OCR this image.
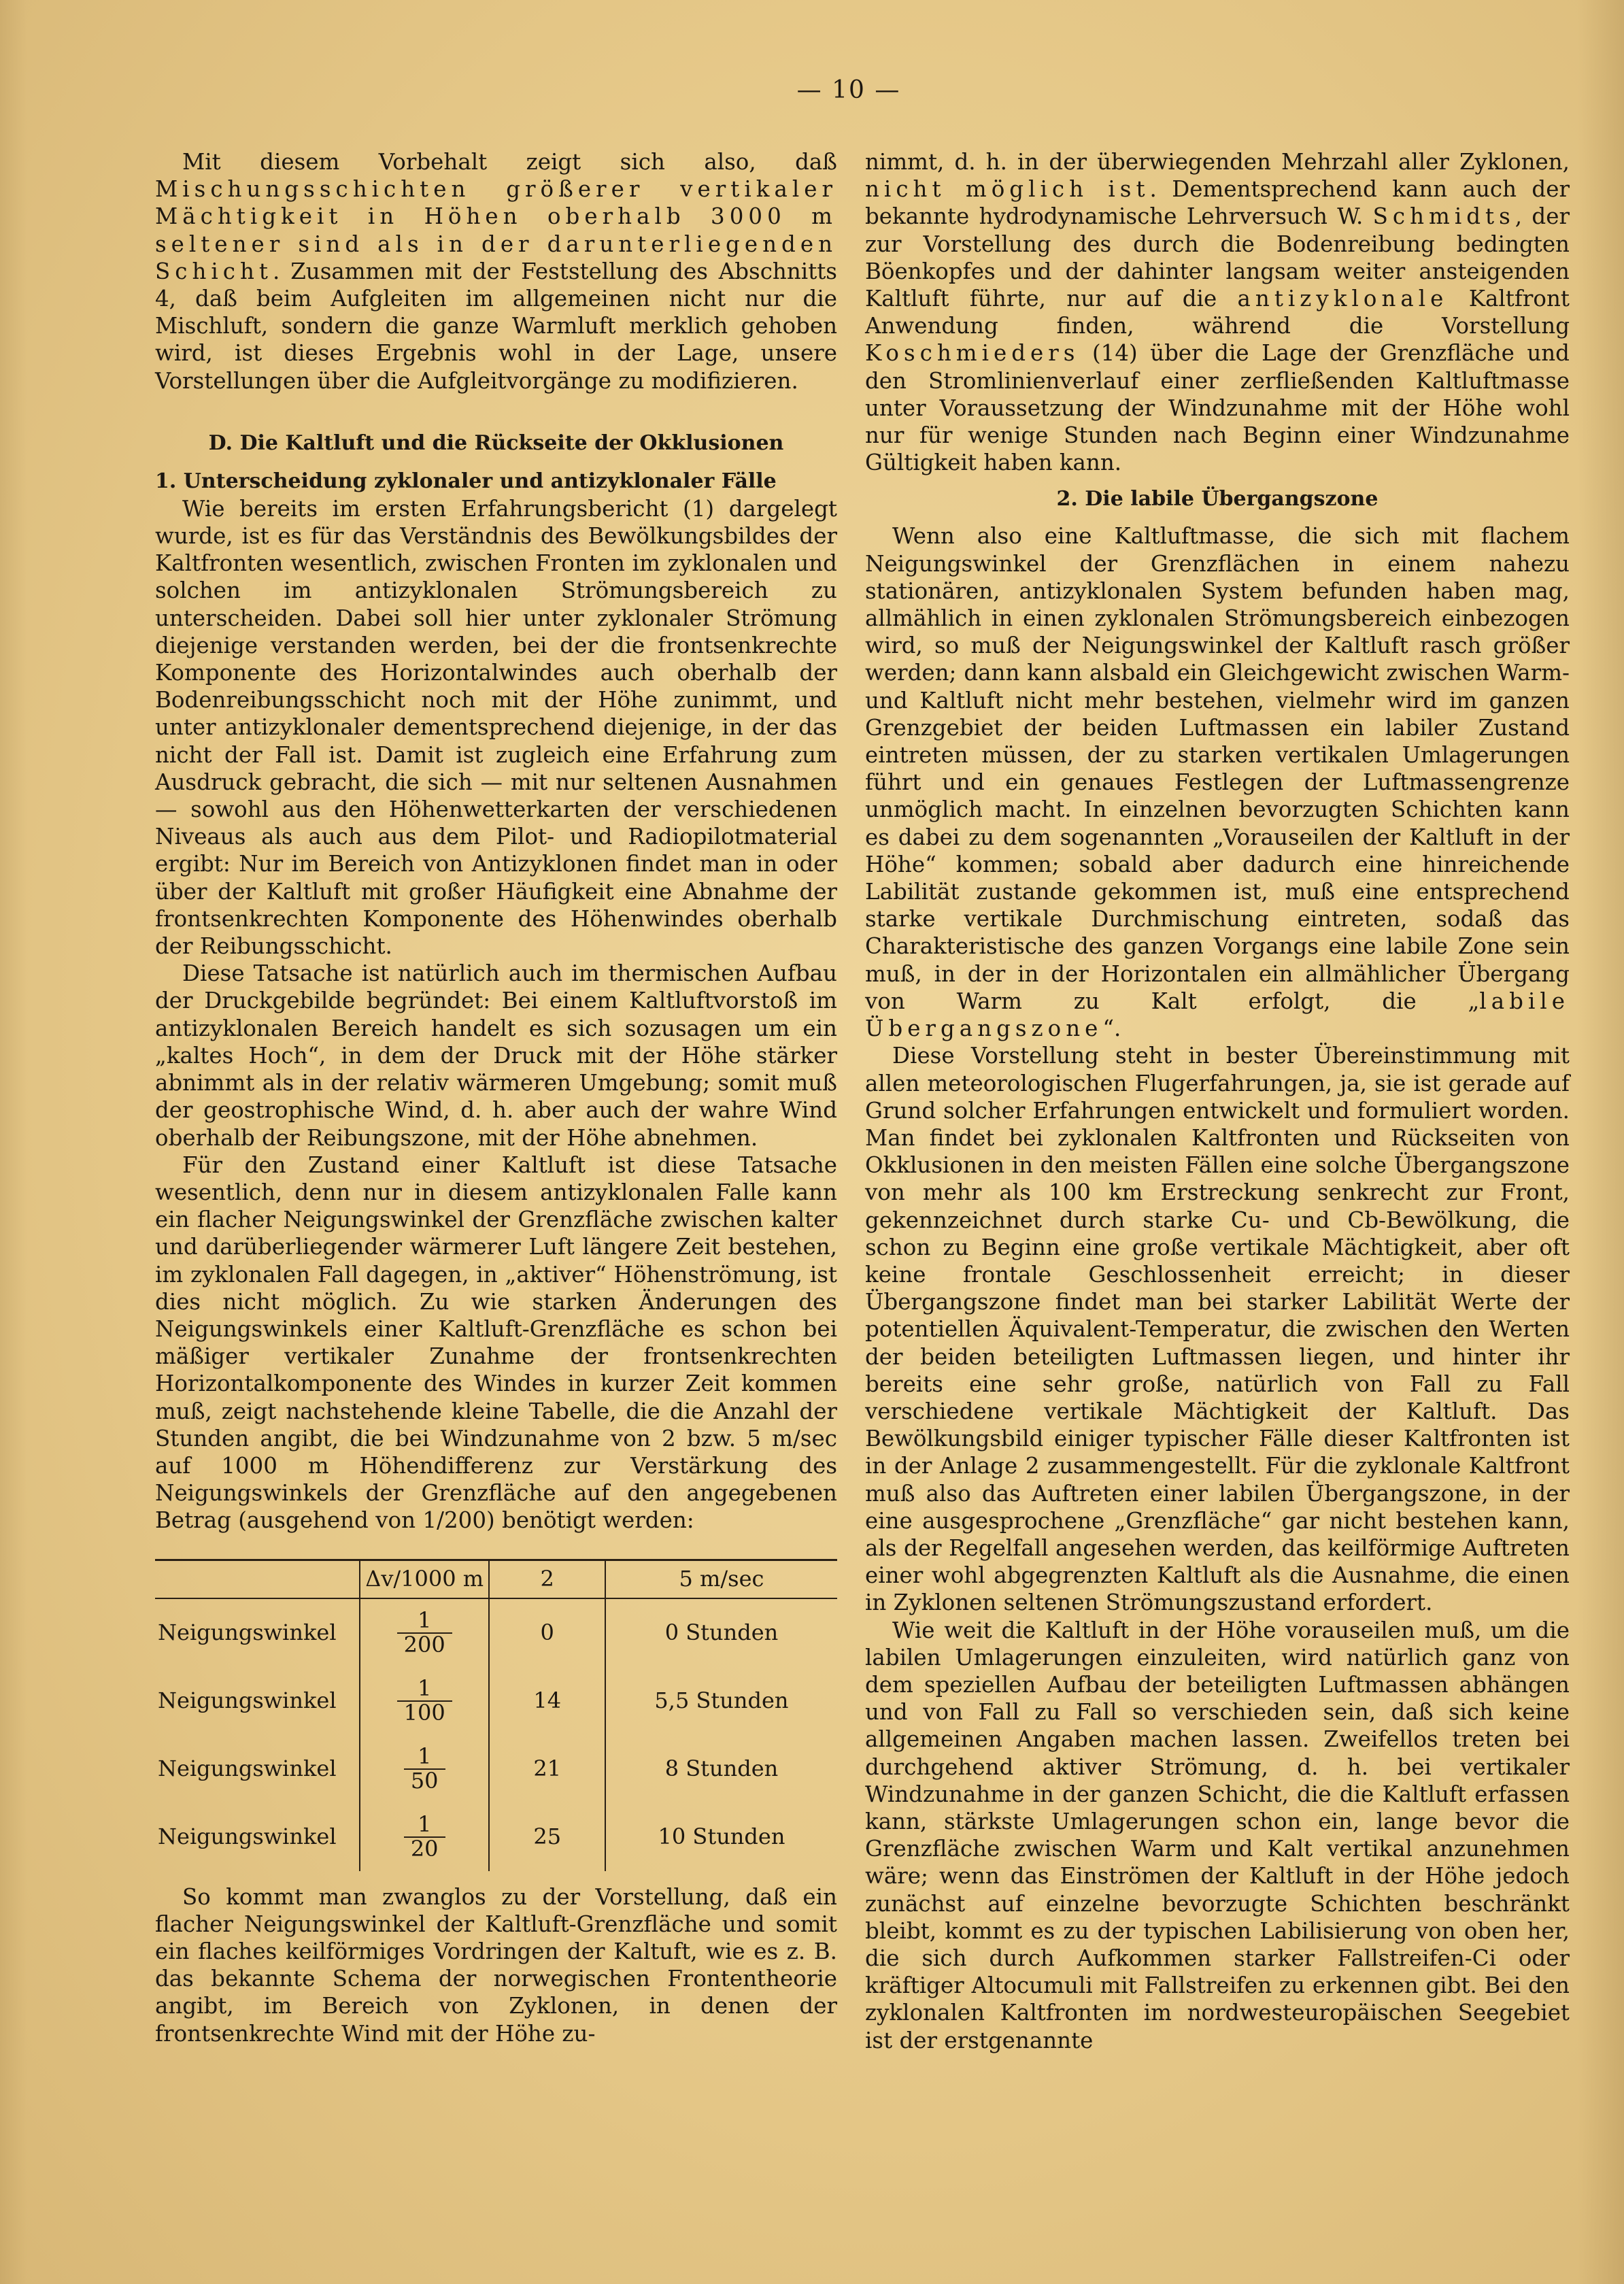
— 10 —

Mit diesem Vorbehalt zeigt sich also, daß Mischungsschichten größerer vertikaler Mächtigkeit in Höhen oberhalb 3000 m seltener sind als in der darunterliegenden Schicht. Zusammen mit der Feststellung des Abschnitts 4, daß beim Aufgleiten im allgemeinen nicht nur die Mischluft, sondern die ganze Warmluft merklich gehoben wird, ist dieses Ergebnis wohl in der Lage, unsere Vorstellungen über die Aufgleitvorgänge zu modifizieren.

D. Die Kaltluft und die Rückseite der Okklusionen
1. Unterscheidung zyklonaler und antizyklonaler Fälle

Wie bereits im ersten Erfahrungsbericht (1) dargelegt wurde, ist es für das Verständnis des Bewölkungsbildes der Kaltfronten wesentlich, zwischen Fronten im zyklonalen und solchen im antizyklonalen Strömungsbereich zu unterscheiden. Dabei soll hier unter zyklonaler Strömung diejenige verstanden werden, bei der die frontsenkrechte Komponente des Horizontalwindes auch oberhalb der Bodenreibungsschicht noch mit der Höhe zunimmt, und unter antizyklonaler dementsprechend diejenige, in der das nicht der Fall ist. Damit ist zugleich eine Erfahrung zum Ausdruck gebracht, die sich — mit nur seltenen Ausnahmen — sowohl aus den Höhenwetterkarten der verschiedenen Niveaus als auch aus dem Pilot- und Radiopilotmaterial ergibt: Nur im Bereich von Antizyklonen findet man in oder über der Kaltluft mit großer Häufigkeit eine Abnahme der frontsenkrechten Komponente des Höhenwindes oberhalb der Reibungsschicht.

Diese Tatsache ist natürlich auch im thermischen Aufbau der Druckgebilde begründet: Bei einem Kaltluftvorstoß im antizyklonalen Bereich handelt es sich sozusagen um ein „kaltes Hoch“, in dem der Druck mit der Höhe stärker abnimmt als in der relativ wärmeren Umgebung; somit muß der geostrophische Wind, d. h. aber auch der wahre Wind oberhalb der Reibungszone, mit der Höhe abnehmen.

Für den Zustand einer Kaltluft ist diese Tatsache wesentlich, denn nur in diesem antizyklonalen Falle kann ein flacher Neigungswinkel der Grenzfläche zwischen kalter und darüberliegender wärmerer Luft längere Zeit bestehen, im zyklonalen Fall dagegen, in „aktiver“ Höhenströmung, ist dies nicht möglich. Zu wie starken Änderungen des Neigungswinkels einer Kaltluft-Grenzfläche es schon bei mäßiger vertikaler Zunahme der frontsenkrechten Horizontalkomponente des Windes in kurzer Zeit kommen muß, zeigt nachstehende kleine Tabelle, die die Anzahl der Stunden angibt, die bei Windzunahme von 2 bzw. 5 m/sec auf 1000 m Höhendifferenz zur Verstärkung des Neigungswinkels der Grenzfläche auf den angegebenen Betrag (ausgehend von 1/200) benötigt werden:

	Δv/1000 m	2	5 m/sec
Neigungswinkel	$\frac{1}{200}$	0	0 Stunden
Neigungswinkel	$\frac{1}{100}$	14	5,5 Stunden
Neigungswinkel	$\frac{1}{50}$	21	8 Stunden
Neigungswinkel	$\frac{1}{20}$	25	10 Stunden

So kommt man zwanglos zu der Vorstellung, daß ein flacher Neigungswinkel der Kaltluft-Grenzfläche und somit ein flaches keilförmiges Vordringen der Kaltuft, wie es z. B. das bekannte Schema der norwegischen Frontentheorie angibt, im Bereich von Zyklonen, in denen der frontsenkrechte Wind mit der Höhe zu-

nimmt, d. h. in der überwiegenden Mehrzahl aller Zyklonen, nicht möglich ist. Dementsprechend kann auch der bekannte hydrodynamische Lehrversuch W. Schmidts, der zur Vorstellung des durch die Bodenreibung bedingten Böenkopfes und der dahinter langsam weiter ansteigenden Kaltluft führte, nur auf die antizyklonale Kaltfront Anwendung finden, während die Vorstellung Koschmieders (14) über die Lage der Grenzfläche und den Stromlinienverlauf einer zerfließenden Kaltluftmasse unter Voraussetzung der Windzunahme mit der Höhe wohl nur für wenige Stunden nach Beginn einer Windzunahme Gültigkeit haben kann.

2. Die labile Übergangszone

Wenn also eine Kaltluftmasse, die sich mit flachem Neigungswinkel der Grenzflächen in einem nahezu stationären, antizyklonalen System befunden haben mag, allmählich in einen zyklonalen Strömungsbereich einbezogen wird, so muß der Neigungswinkel der Kaltluft rasch größer werden; dann kann alsbald ein Gleichgewicht zwischen Warm- und Kaltluft nicht mehr bestehen, vielmehr wird im ganzen Grenzgebiet der beiden Luftmassen ein labiler Zustand eintreten müssen, der zu starken vertikalen Umlagerungen führt und ein genaues Festlegen der Luftmassengrenze unmöglich macht. In einzelnen bevorzugten Schichten kann es dabei zu dem sogenannten „Vorauseilen der Kaltluft in der Höhe“ kommen; sobald aber dadurch eine hinreichende Labilität zustande gekommen ist, muß eine entsprechend starke vertikale Durchmischung eintreten, sodaß das Charakteristische des ganzen Vorgangs eine labile Zone sein muß, in der in der Horizontalen ein allmählicher Übergang von Warm zu Kalt erfolgt, die „labile Übergangszone“.

Diese Vorstellung steht in bester Übereinstimmung mit allen meteorologischen Flugerfahrungen, ja, sie ist gerade auf Grund solcher Erfahrungen entwickelt und formuliert worden. Man findet bei zyklonalen Kaltfronten und Rückseiten von Okklusionen in den meisten Fällen eine solche Übergangszone von mehr als 100 km Erstreckung senkrecht zur Front, gekennzeichnet durch starke Cu- und Cb-Bewölkung, die schon zu Beginn eine große vertikale Mächtigkeit, aber oft keine frontale Geschlossenheit erreicht; in dieser Übergangszone findet man bei starker Labilität Werte der potentiellen Äquivalent-Temperatur, die zwischen den Werten der beiden beteiligten Luftmassen liegen, und hinter ihr bereits eine sehr große, natürlich von Fall zu Fall verschiedene vertikale Mächtigkeit der Kaltluft. Das Bewölkungsbild einiger typischer Fälle dieser Kaltfronten ist in der Anlage 2 zusammengestellt. Für die zyklonale Kaltfront muß also das Auftreten einer labilen Übergangszone, in der eine ausgesprochene „Grenzfläche“ gar nicht bestehen kann, als der Regelfall angesehen werden, das keilförmige Auftreten einer wohl abgegrenzten Kaltluft als die Ausnahme, die einen in Zyklonen seltenen Strömungszustand erfordert.

Wie weit die Kaltluft in der Höhe vorauseilen muß, um die labilen Umlagerungen einzuleiten, wird natürlich ganz von dem speziellen Aufbau der beteiligten Luftmassen abhängen und von Fall zu Fall so verschieden sein, daß sich keine allgemeinen Angaben machen lassen. Zweifellos treten bei durchgehend aktiver Strömung, d. h. bei vertikaler Windzunahme in der ganzen Schicht, die die Kaltluft erfassen kann, stärkste Umlagerungen schon ein, lange bevor die Grenzfläche zwischen Warm und Kalt vertikal anzunehmen wäre; wenn das Einströmen der Kaltluft in der Höhe jedoch zunächst auf einzelne bevorzugte Schichten beschränkt bleibt, kommt es zu der typischen Labilisierung von oben her, die sich durch Aufkommen starker Fallstreifen-Ci oder kräftiger Altocumuli mit Fallstreifen zu erkennen gibt. Bei den zyklonalen Kaltfronten im nordwesteuropäischen Seegebiet ist der erstgenannte
